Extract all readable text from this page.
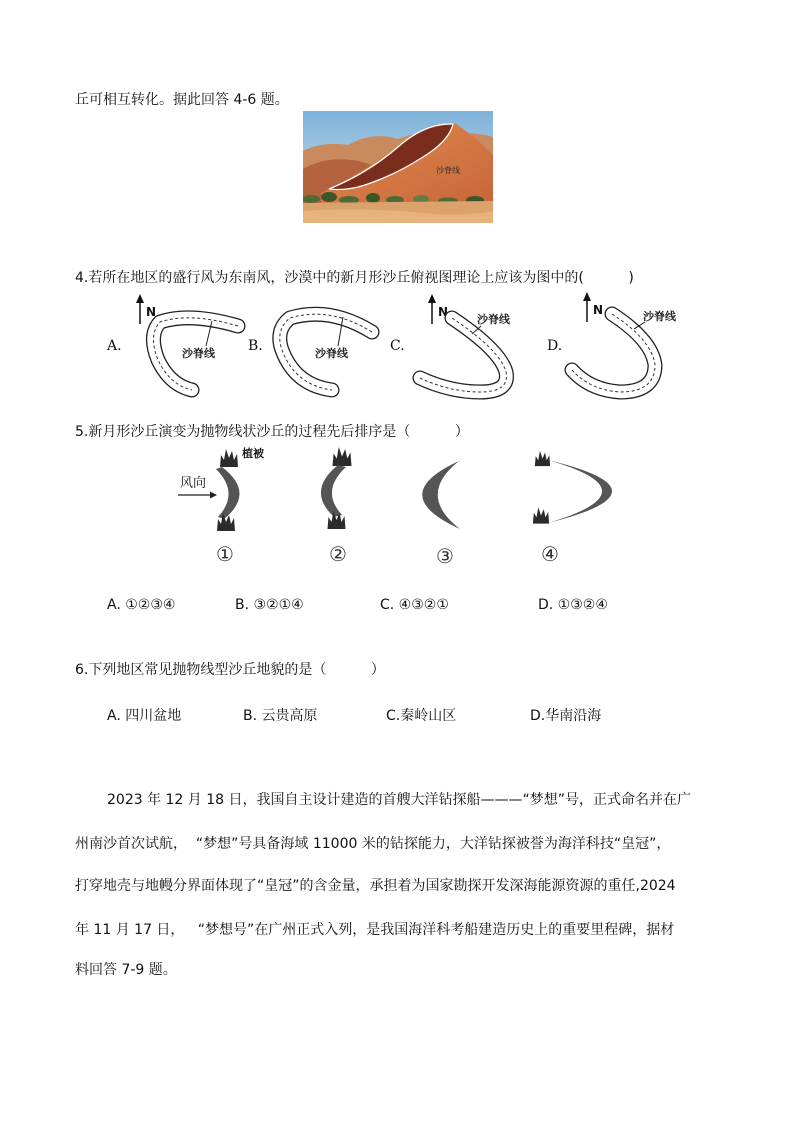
丘可相互转化。据此回答 4-6 题。
沙脊线
4.若所在地区的盛行风为东南风，沙漠中的新月形沙丘俯视图理论上应该为图中的(          )
A.
N
沙脊线 B.	沙脊线	C.
N
沙脊线
D.
N	沙脊线
5.新月形沙丘演变为抛物线状沙丘的过程先后排序是（          ）
植被
风向
①	②	③	④
A. ①②③④	B. ③②①④	C. ④③②①	D. ①③②④
6.下列地区常见抛物线型沙丘地貌的是（          ）
A. 四川盆地	B. 云贵高原	C.秦岭山区	D.华南沿海
2023 年 12 月 18 日，我国自主设计建造的首艘大洋钻探船———“梦想”号，正式命名并在广
州南沙首次试航，  “梦想”号具备海域 11000 米的钻探能力，大洋钻探被誉为海洋科技“皇冠”，
打穿地壳与地幔分界面体现了“皇冠”的含金量，承担着为国家勘探开发深海能源资源的重任,2024
年 11 月 17 日，   “梦想号”在广州正式入列，是我国海洋科考船建造历史上的重要里程碑，据材
料回答 7-9 题。
